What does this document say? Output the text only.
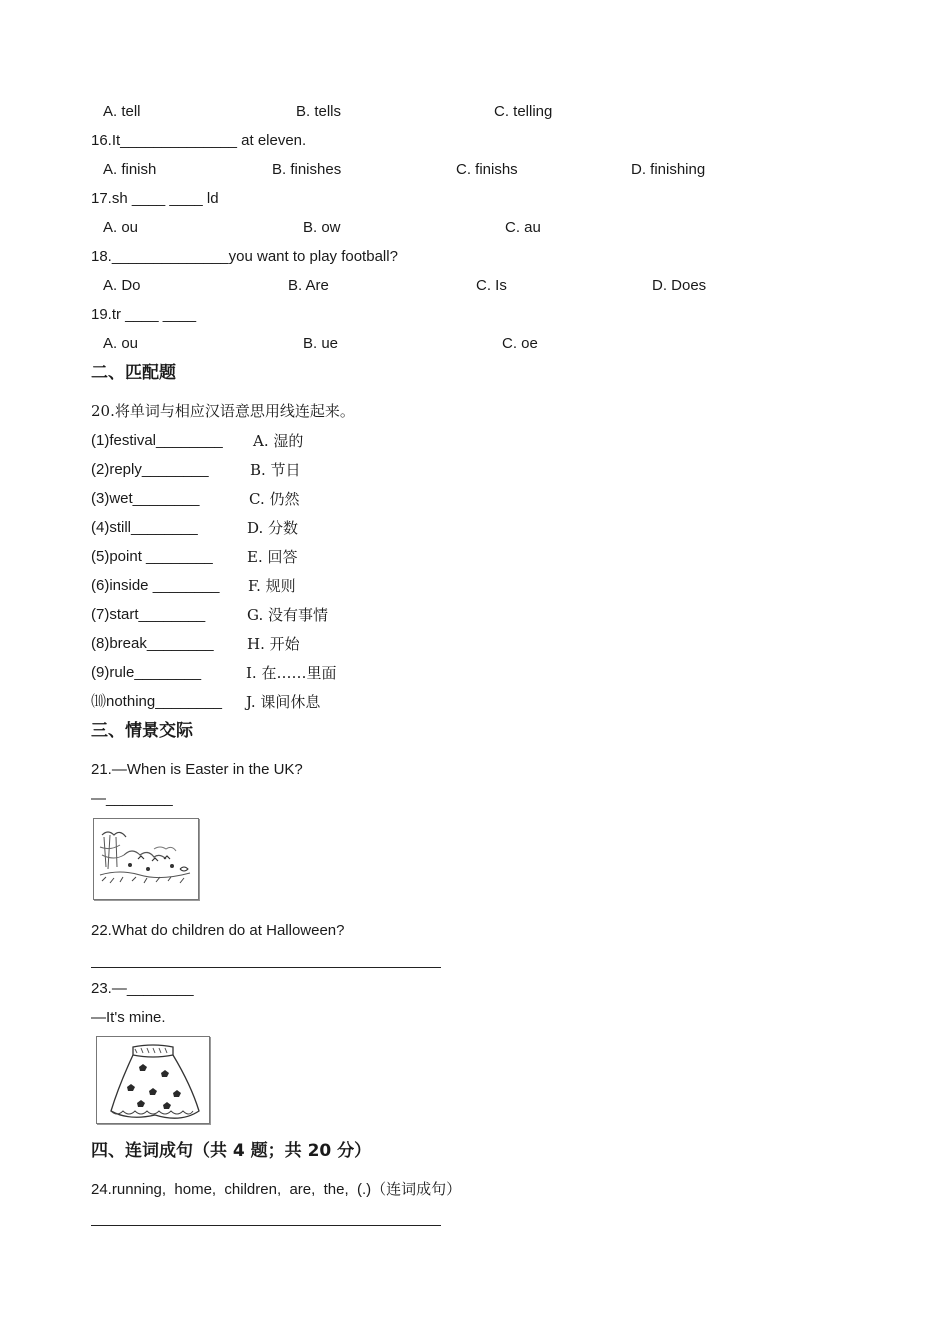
A. tell	B. tells	C. telling
16.It______________ at eleven.
A. finish	B. finishes	C. finishs	D. finishing
17.sh ____ ____ ld
A. ou	B. ow	C. au
18.______________you want to play football?
A. Do	B. Are	C. Is	D. Does
19.tr ____ ____
A. ou	B. ue	C. oe
二、匹配题
20.将单词与相应汉语意思用线连起来。
(1)festival________ A. 湿的
(2)reply________	B. 节日
(3)wet________	C. 仍然
(4)still________	D. 分数
(5)point ________ E. 回答
(6)inside ________ F. 规则
(7)start________	G. 没有事情
(8)break________ H. 开始
(9)rule________	I. 在……里面
⑽nothing________ J. 课间休息
三、情景交际
21.—When is Easter in the UK?
—________
22.What do children do at Halloween?
23.—________
—It's mine.
四、连词成句（共 4 题；共 20 分）
24.running,  home,  children,  are,  the,  (.)（连词成句）
